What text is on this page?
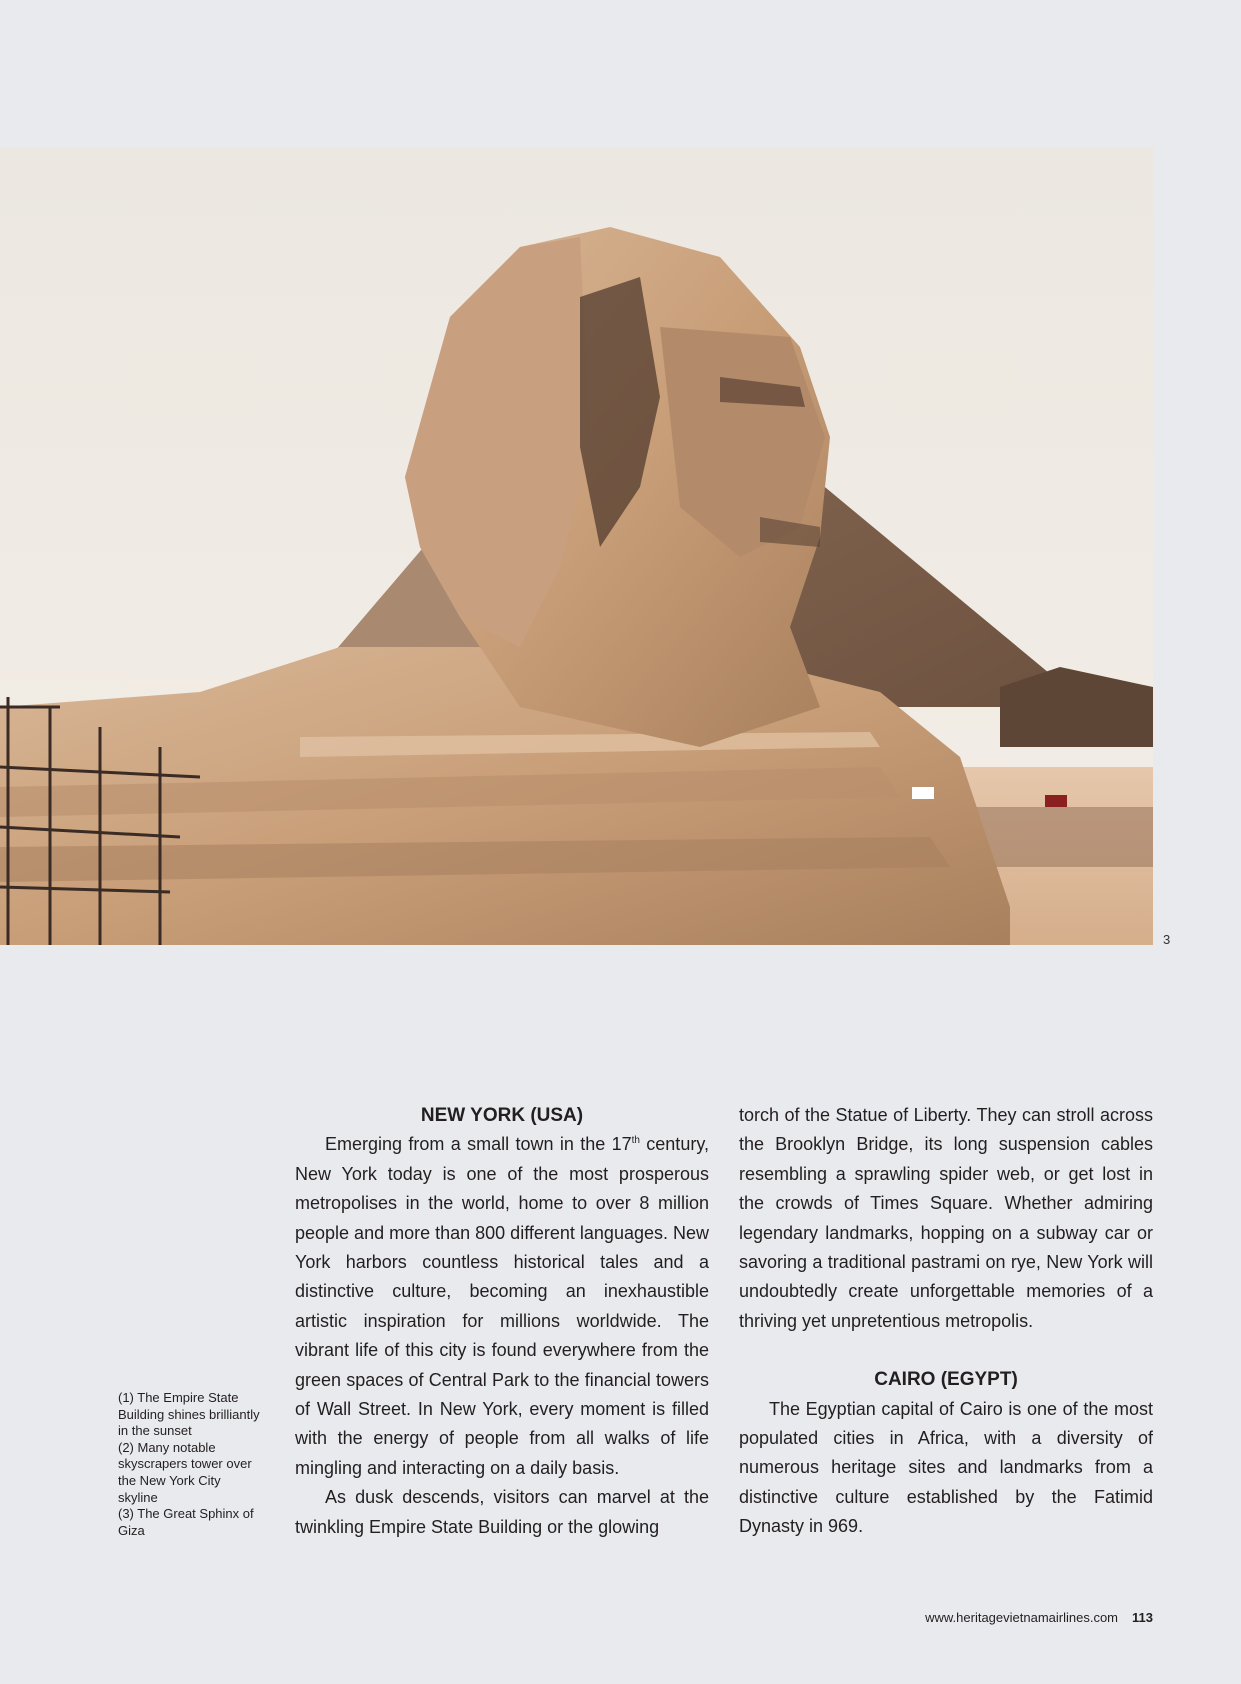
3
(1) The Empire State Building shines brilliantly in the sunset
(2) Many notable skyscrapers tower over the New York City skyline
(3) The Great Sphinx of Giza
NEW YORK (USA)

Emerging from a small town in the 17th century, New York today is one of the most prosperous metropolises in the world, home to over 8 million people and more than 800 different languages. New York harbors countless historical tales and a distinctive culture, becoming an inexhaustible artistic inspiration for millions worldwide. The vibrant life of this city is found everywhere from the green spaces of Central Park to the financial towers of Wall Street. In New York, every moment is filled with the energy of people from all walks of life mingling and interacting on a daily basis.

As dusk descends, visitors can marvel at the twinkling Empire State Building or the glowing

torch of the Statue of Liberty. They can stroll across the Brooklyn Bridge, its long suspension cables resembling a sprawling spider web, or get lost in the crowds of Times Square. Whether admiring legendary landmarks, hopping on a subway car or savoring a traditional pastrami on rye, New York will undoubtedly create unforgettable memories of a thriving yet unpretentious metropolis.

CAIRO (EGYPT)

The Egyptian capital of Cairo is one of the most populated cities in Africa, with a diversity of numerous heritage sites and landmarks from a distinctive culture established by the Fatimid Dynasty in 969.

www.heritagevietnamairlines.com 113
